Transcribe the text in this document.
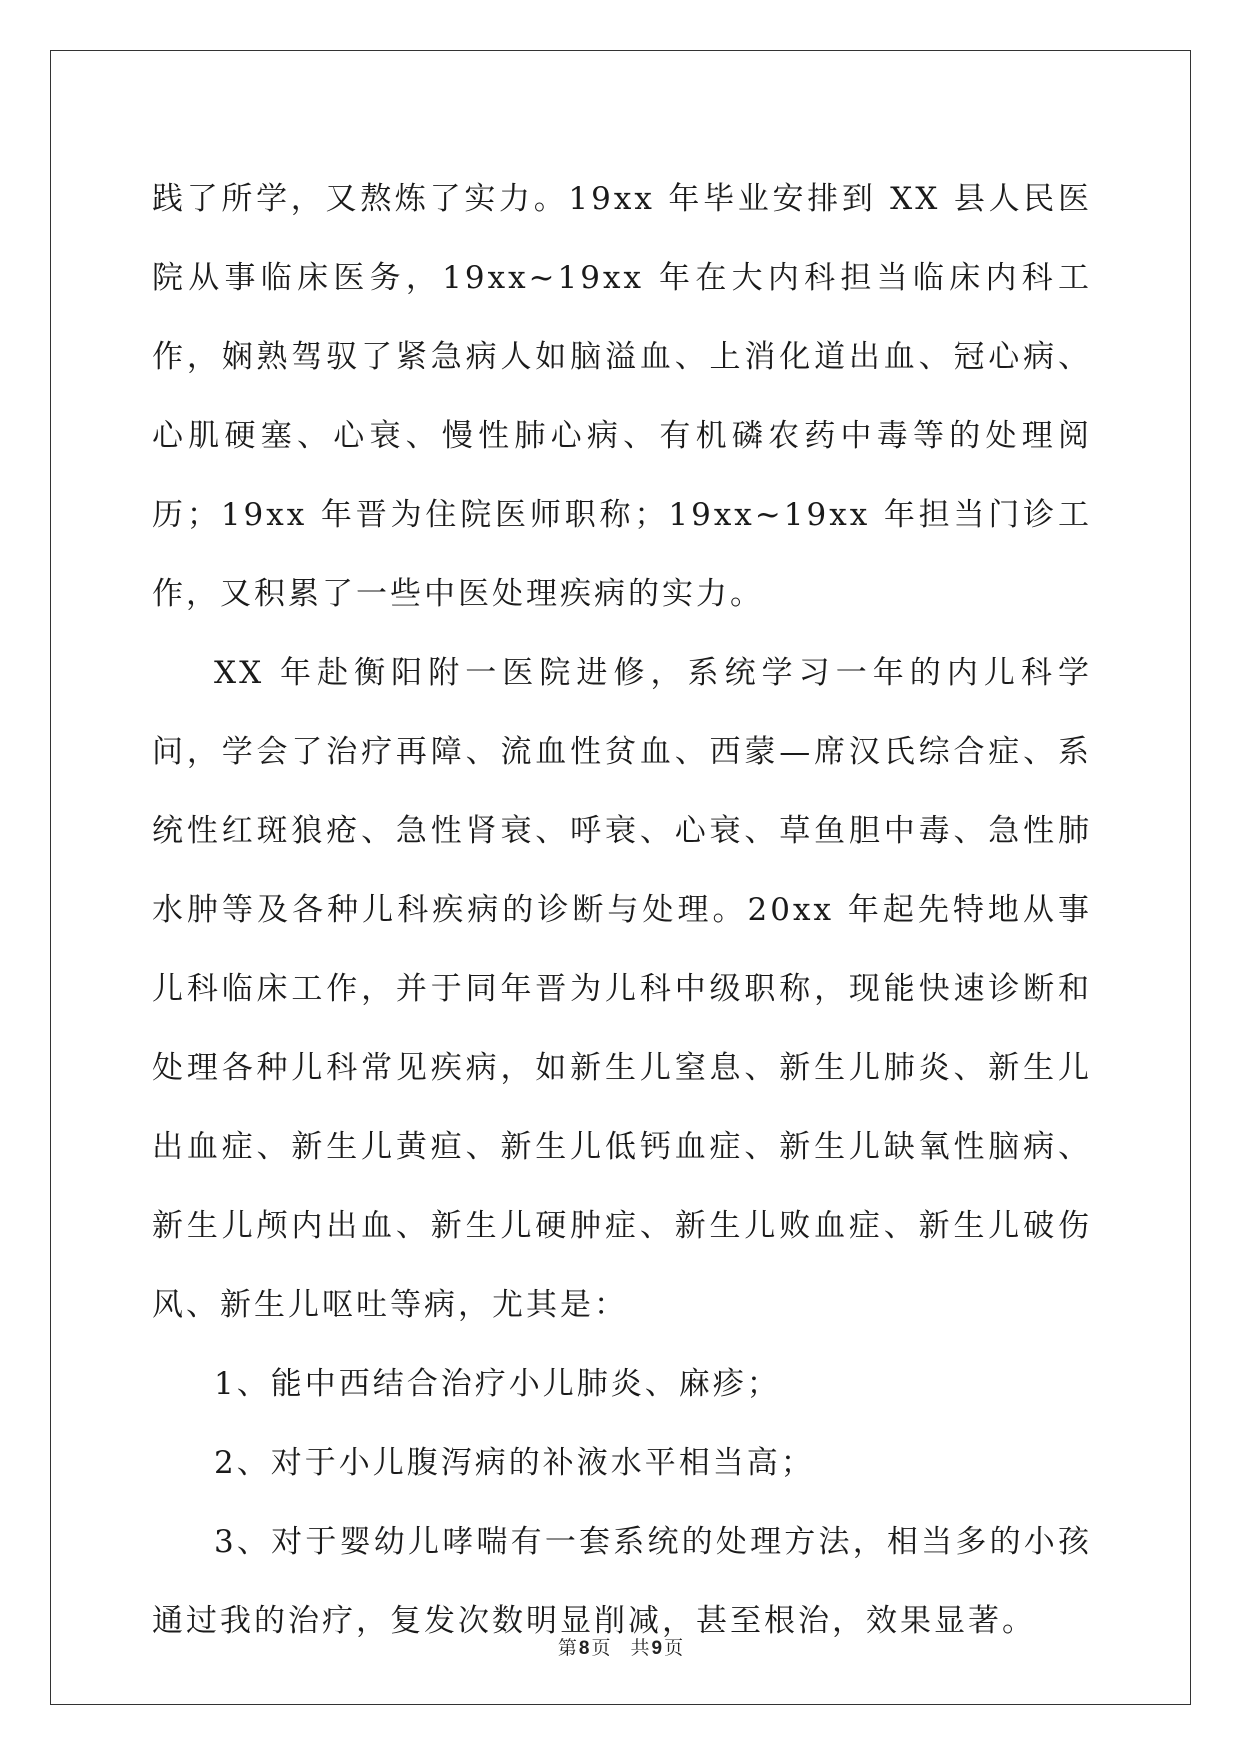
践了所学，又熬炼了实力。19xx 年毕业安排到 XX 县人民医院从事临床医务，19xx~19xx 年在大内科担当临床内科工作，娴熟驾驭了紧急病人如脑溢血、上消化道出血、冠心病、心肌硬塞、心衰、慢性肺心病、有机磷农药中毒等的处理阅历；19xx 年晋为住院医师职称；19xx~19xx 年担当门诊工作，又积累了一些中医处理疾病的实力。

XX 年赴衡阳附一医院进修，系统学习一年的内儿科学问，学会了治疗再障、流血性贫血、西蒙—席汉氏综合症、系统性红斑狼疮、急性肾衰、呼衰、心衰、草鱼胆中毒、急性肺水肿等及各种儿科疾病的诊断与处理。20xx 年起先特地从事儿科临床工作，并于同年晋为儿科中级职称，现能快速诊断和处理各种儿科常见疾病，如新生儿窒息、新生儿肺炎、新生儿出血症、新生儿黄疸、新生儿低钙血症、新生儿缺氧性脑病、新生儿颅内出血、新生儿硬肿症、新生儿败血症、新生儿破伤风、新生儿呕吐等病，尤其是：

1、能中西结合治疗小儿肺炎、麻疹；

2、对于小儿腹泻病的补液水平相当高；

3、对于婴幼儿哮喘有一套系统的处理方法，相当多的小孩通过我的治疗，复发次数明显削减，甚至根治，效果显著。

第 8 页 共 9 页
